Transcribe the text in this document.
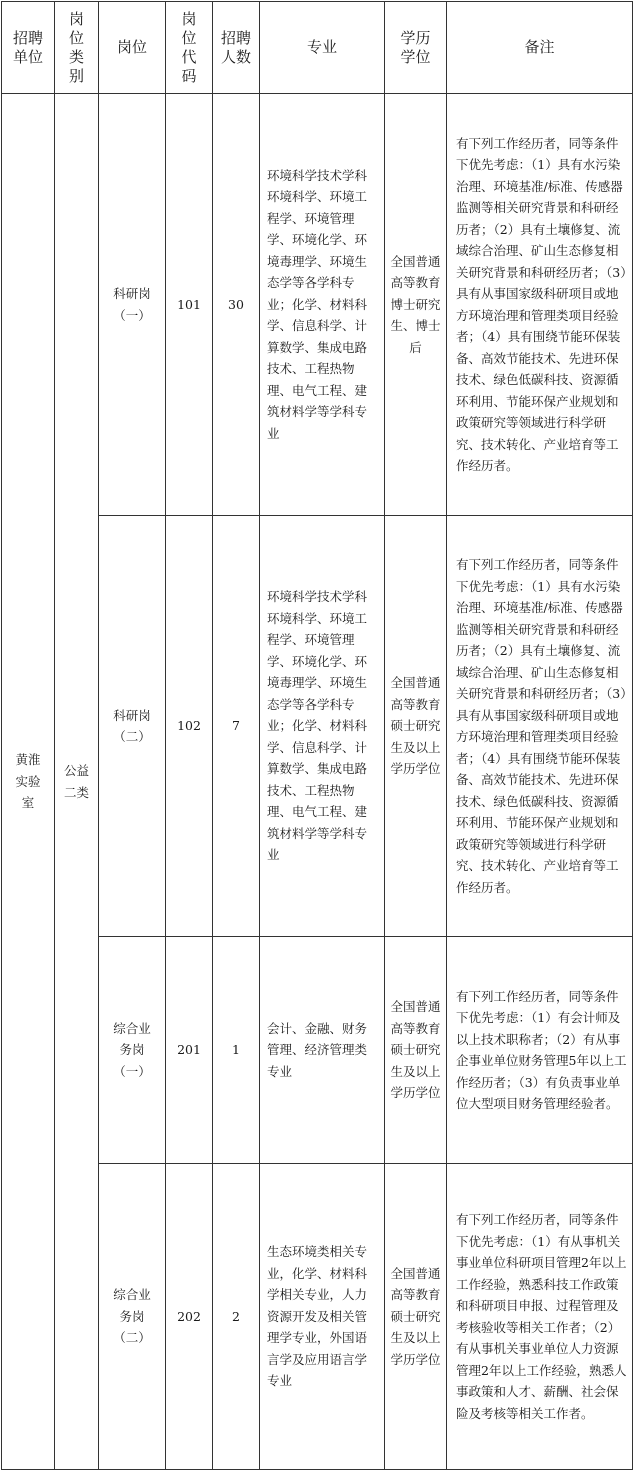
招聘单位	岗位类别	岗位	岗位代码	招聘人数	专业	学历学位	备注

黄淮实验室	公益二类	科研岗（一）	101	30	环境科学技术学科环境科学、环境工程学、环境管理学、环境化学、环境毒理学、环境生态学等各学科专业；化学、材料科学、信息科学、计算数学、集成电路技术、工程热物理、电气工程、建筑材料学等学科专业	全国普通高等教育博士研究生、博士后	有下列工作经历者，同等条件下优先考虑：（1）具有水污染治理、环境基准/标准、传感器监测等相关研究背景和科研经历者；（2）具有土壤修复、流域综合治理、矿山生态修复相关研究背景和科研经历者；（3）具有从事国家级科研项目或地方环境治理和管理类项目经验者；（4）具有围绕节能环保装备、高效节能技术、先进环保技术、绿色低碳科技、资源循环利用、节能环保产业规划和政策研究等领域进行科学研究、技术转化、产业培育等工作经历者。

		科研岗（二）	102	7	环境科学技术学科环境科学、环境工程学、环境管理学、环境化学、环境毒理学、环境生态学等各学科专业；化学、材料科学、信息科学、计算数学、集成电路技术、工程热物理、电气工程、建筑材料学等学科专业	全国普通高等教育硕士研究生及以上学历学位	有下列工作经历者，同等条件下优先考虑：（1）具有水污染治理、环境基准/标准、传感器监测等相关研究背景和科研经历者；（2）具有土壤修复、流域综合治理、矿山生态修复相关研究背景和科研经历者；（3）具有从事国家级科研项目或地方环境治理和管理类项目经验者；（4）具有围绕节能环保装备、高效节能技术、先进环保技术、绿色低碳科技、资源循环利用、节能环保产业规划和政策研究等领域进行科学研究、技术转化、产业培育等工作经历者。

		综合业务岗（一）	201	1	会计、金融、财务管理、经济管理类专业	全国普通高等教育硕士研究生及以上学历学位	有下列工作经历者，同等条件下优先考虑：（1）有会计师及以上技术职称者；（2）有从事企事业单位财务管理5年以上工作经历者；（3）有负责事业单位大型项目财务管理经验者。

		综合业务岗（二）	202	2	生态环境类相关专业，化学、材料科学相关专业，人力资源开发及相关管理学专业，外国语言学及应用语言学专业	全国普通高等教育硕士研究生及以上学历学位	有下列工作经历者，同等条件下优先考虑：（1）有从事机关事业单位科研项目管理2年以上工作经验，熟悉科技工作政策和科研项目申报、过程管理及考核验收等相关工作者；（2）有从事机关事业单位人力资源管理2年以上工作经验，熟悉人事政策和人才、薪酬、社会保险及考核等相关工作者。
